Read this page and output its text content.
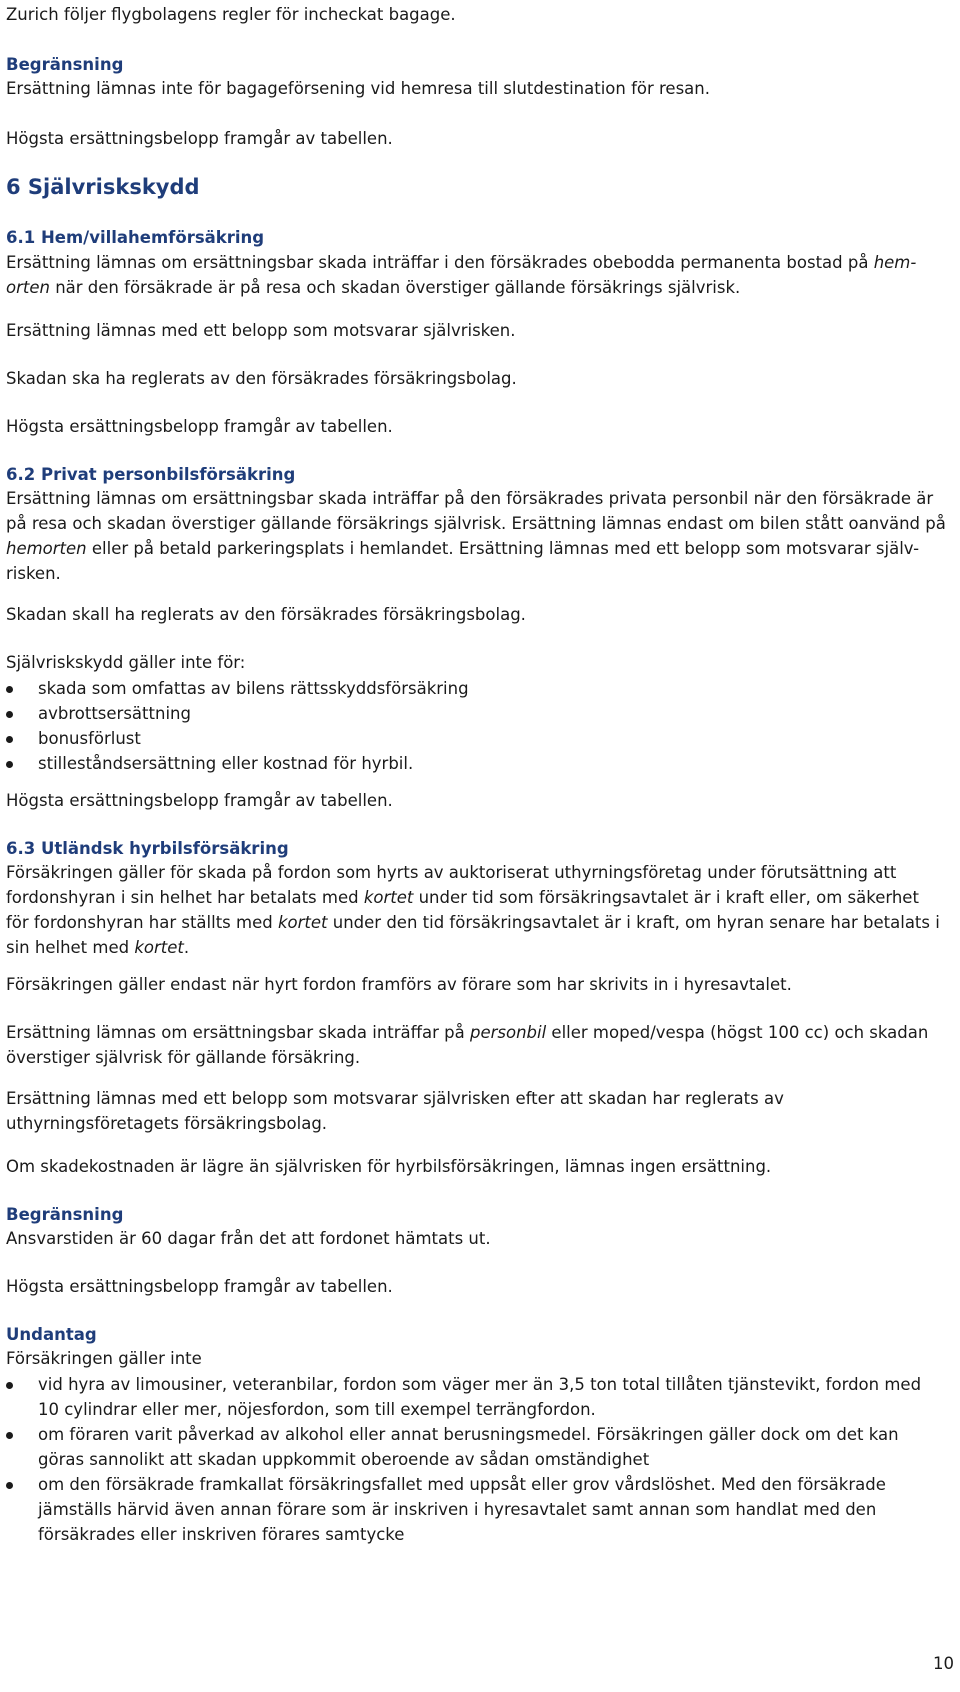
Zurich följer flygbolagens regler för incheckat bagage.

Begränsning

Ersättning lämnas inte för bagageförsening vid hemresa till slutdestination för resan.

Högsta ersättningsbelopp framgår av tabellen.

6 Självriskskydd

6.1 Hem/villahemförsäkring

Ersättning lämnas om ersättningsbar skada inträffar i den försäkrades obebodda permanenta bostad på hem-orten när den försäkrade är på resa och skadan överstiger gällande försäkrings självrisk.

Ersättning lämnas med ett belopp som motsvarar självrisken.

Skadan ska ha reglerats av den försäkrades försäkringsbolag.

Högsta ersättningsbelopp framgår av tabellen.

6.2 Privat personbilsförsäkring

Ersättning lämnas om ersättningsbar skada inträffar på den försäkrades privata personbil när den försäkrade är på resa och skadan överstiger gällande försäkrings självrisk. Ersättning lämnas endast om bilen stått oanvänd på hemorten eller på betald parkeringsplats i hemlandet. Ersättning lämnas med ett belopp som motsvarar själv-risken.

Skadan skall ha reglerats av den försäkrades försäkringsbolag.

Självriskskydd gäller inte för:

skada som omfattas av bilens rättsskyddsförsäkring
avbrottsersättning
bonusförlust
stilleståndsersättning eller kostnad för hyrbil.

Högsta ersättningsbelopp framgår av tabellen.

6.3 Utländsk hyrbilsförsäkring

Försäkringen gäller för skada på fordon som hyrts av auktoriserat uthyrningsföretag under förutsättning att fordonshyran i sin helhet har betalats med kortet under tid som försäkringsavtalet är i kraft eller, om säkerhet för fordonshyran har ställts med kortet under den tid försäkringsavtalet är i kraft, om hyran senare har betalats i sin helhet med kortet.

Försäkringen gäller endast när hyrt fordon framförs av förare som har skrivits in i hyresavtalet.

Ersättning lämnas om ersättningsbar skada inträffar på personbil eller moped/vespa (högst 100 cc) och skadan överstiger självrisk för gällande försäkring.

Ersättning lämnas med ett belopp som motsvarar självrisken efter att skadan har reglerats av uthyrningsföretagets försäkringsbolag.

Om skadekostnaden är lägre än självrisken för hyrbilsförsäkringen, lämnas ingen ersättning.

Begränsning

Ansvarstiden är 60 dagar från det att fordonet hämtats ut.

Högsta ersättningsbelopp framgår av tabellen.

Undantag

Försäkringen gäller inte

vid hyra av limousiner, veteranbilar, fordon som väger mer än 3,5 ton total tillåten tjänstevikt, fordon med 10 cylindrar eller mer, nöjesfordon, som till exempel terrängfordon.
om föraren varit påverkad av alkohol eller annat berusningsmedel. Försäkringen gäller dock om det kan göras sannolikt att skadan uppkommit oberoende av sådan omständighet
om den försäkrade framkallat försäkringsfallet med uppsåt eller grov vårdslöshet. Med den försäkrade jämställs härvid även annan förare som är inskriven i hyresavtalet samt annan som handlat med den försäkrades eller inskriven förares samtycke
10
